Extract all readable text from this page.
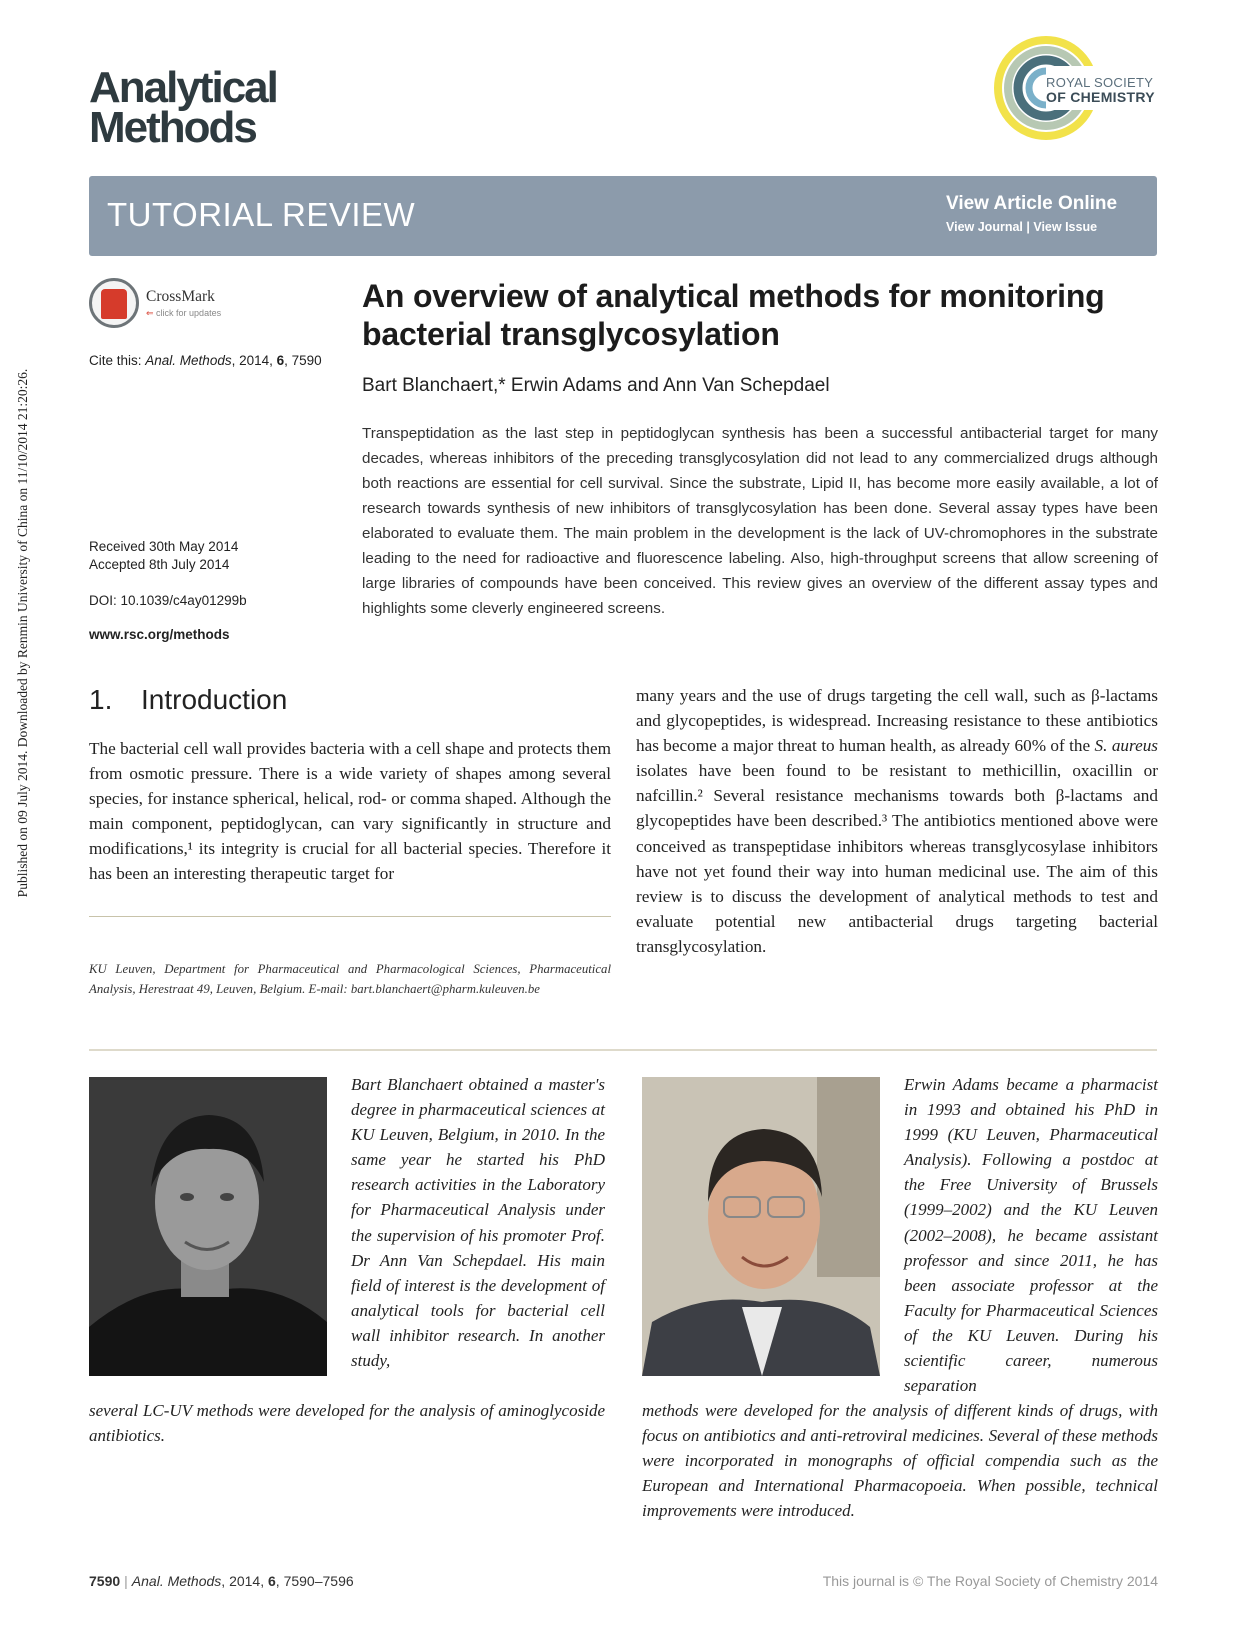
Published on 09 July 2014. Downloaded by Renmin University of China on 11/10/2014 21:20:26.
Analytical
Methods
ROYAL SOCIETY
OF CHEMISTRY
TUTORIAL REVIEW	View Article Online
View Journal | View Issue
CrossMark
⇐ click for updates
Cite this: Anal. Methods, 2014, 6, 7590
Received 30th May 2014
Accepted 8th July 2014
DOI: 10.1039/c4ay01299b
www.rsc.org/methods
An overview of analytical methods for monitoring bacterial transglycosylation
Bart Blanchaert,* Erwin Adams and Ann Van Schepdael
Transpeptidation as the last step in peptidoglycan synthesis has been a successful antibacterial target for many decades, whereas inhibitors of the preceding transglycosylation did not lead to any commercialized drugs although both reactions are essential for cell survival. Since the substrate, Lipid II, has become more easily available, a lot of research towards synthesis of new inhibitors of transglycosylation has been done. Several assay types have been elaborated to evaluate them. The main problem in the development is the lack of UV-chromophores in the substrate leading to the need for radioactive and fluorescence labeling. Also, high-throughput screens that allow screening of large libraries of compounds have been conceived. This review gives an overview of the different assay types and highlights some cleverly engineered screens.
1. Introduction
The bacterial cell wall provides bacteria with a cell shape and protects them from osmotic pressure. There is a wide variety of shapes among several species, for instance spherical, helical, rod- or comma shaped. Although the main component, peptidoglycan, can vary significantly in structure and modifications,¹ its integrity is crucial for all bacterial species. Therefore it has been an interesting therapeutic target for
many years and the use of drugs targeting the cell wall, such as β-lactams and glycopeptides, is widespread. Increasing resistance to these antibiotics has become a major threat to human health, as already 60% of the S. aureus isolates have been found to be resistant to methicillin, oxacillin or nafcillin.² Several resistance mechanisms towards both β-lactams and glycopeptides have been described.³ The antibiotics mentioned above were conceived as transpeptidase inhibitors whereas transglycosylase inhibitors have not yet found their way into human medicinal use. The aim of this review is to discuss the development of analytical methods to test and evaluate potential new antibacterial drugs targeting bacterial transglycosylation.
KU Leuven, Department for Pharmaceutical and Pharmacological Sciences, Pharmaceutical Analysis, Herestraat 49, Leuven, Belgium. E-mail: bart.blanchaert@pharm.kuleuven.be
Bart Blanchaert obtained a master's degree in pharmaceutical sciences at KU Leuven, Belgium, in 2010. In the same year he started his PhD research activities in the Laboratory for Pharmaceutical Analysis under the supervision of his promoter Prof. Dr Ann Van Schepdael. His main field of interest is the development of analytical tools for bacterial cell wall inhibitor research. In another study,
several LC-UV methods were developed for the analysis of aminoglycoside antibiotics.
Erwin Adams became a pharmacist in 1993 and obtained his PhD in 1999 (KU Leuven, Pharmaceutical Analysis). Following a postdoc at the Free University of Brussels (1999–2002) and the KU Leuven (2002–2008), he became assistant professor and since 2011, he has been associate professor at the Faculty for Pharmaceutical Sciences of the KU Leuven. During his scientific career, numerous separation
methods were developed for the analysis of different kinds of drugs, with focus on antibiotics and anti-retroviral medicines. Several of these methods were incorporated in monographs of official compendia such as the European and International Pharmacopoeia. When possible, technical improvements were introduced.
7590 | Anal. Methods, 2014, 6, 7590–7596	This journal is © The Royal Society of Chemistry 2014
